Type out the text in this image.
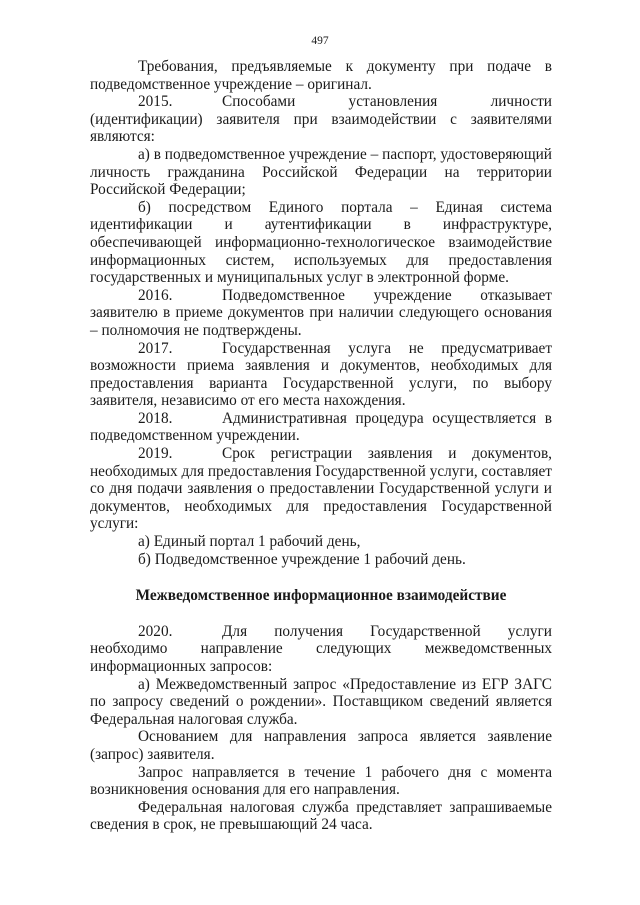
497

Требования, предъявляемые к документу при подаче в подведомственное учреждение – оригинал.

2015.	Способами установления личности (идентификации) заявителя при взаимодействии с заявителями являются:

а) в подведомственное учреждение – паспорт, удостоверяющий личность гражданина Российской Федерации на территории Российской Федерации;

б) посредством Единого портала – Единая система идентификации и аутентификации в инфраструктуре, обеспечивающей информационно-технологическое взаимодействие информационных систем, используемых для предоставления государственных и муниципальных услуг в электронной форме.

2016.	Подведомственное учреждение отказывает заявителю в приеме документов при наличии следующего основания – полномочия не подтверждены.

2017.	Государственная услуга не предусматривает возможности приема заявления и документов, необходимых для предоставления варианта Государственной услуги, по выбору заявителя, независимо от его места нахождения.

2018.	Административная процедура осуществляется в подведомственном учреждении.

2019.	Срок регистрации заявления и документов, необходимых для предоставления Государственной услуги, составляет со дня подачи заявления о предоставлении Государственной услуги и документов, необходимых для предоставления Государственной услуги:

а) Единый портал 1 рабочий день,

б) Подведомственное учреждение 1 рабочий день.

Межведомственное информационное взаимодействие

2020.	Для получения Государственной услуги необходимо направление следующих межведомственных информационных запросов:

а) Межведомственный запрос «Предоставление из ЕГР ЗАГС по запросу сведений о рождении». Поставщиком сведений является Федеральная налоговая служба.

Основанием для направления запроса является заявление (запрос) заявителя.

Запрос направляется в течение 1 рабочего дня с момента возникновения основания для его направления.

Федеральная налоговая служба представляет запрашиваемые сведения в срок, не превышающий 24 часа.
